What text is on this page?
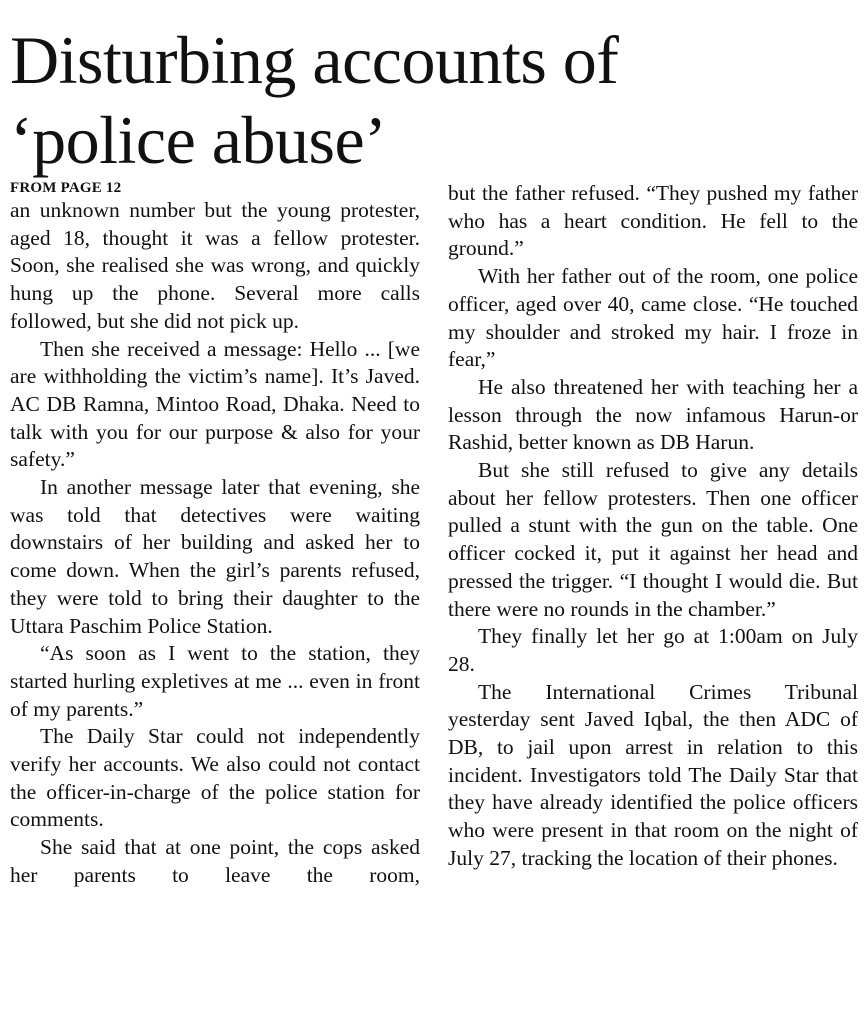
Disturbing accounts of
‘police abuse’
FROM PAGE 12

an unknown number but the young protester, aged 18, thought it was a fellow protester. Soon, she realised she was wrong, and quickly hung up the phone. Several more calls followed, but she did not pick up.

Then she received a message: Hello ... [we are withholding the victim’s name]. It’s Javed. AC DB Ramna, Mintoo Road, Dhaka. Need to talk with you for our purpose & also for your safety.”

In another message later that evening, she was told that detectives were waiting downstairs of her building and asked her to come down. When the girl’s parents refused, they were told to bring their daughter to the Uttara Paschim Police Station.

“As soon as I went to the station, they started hurling expletives at me ... even in front of my parents.”

The Daily Star could not independently verify her accounts. We also could not contact the officer-in-charge of the police station for comments.

She said that at one point, the cops asked her parents to leave the room,

but the father refused. “They pushed my father who has a heart condition. He fell to the ground.”

With her father out of the room, one police officer, aged over 40, came close. “He touched my shoulder and stroked my hair. I froze in fear,”

He also threatened her with teaching her a lesson through the now infamous Harun-or Rashid, better known as DB Harun.

But she still refused to give any details about her fellow protesters. Then one officer pulled a stunt with the gun on the table. One officer cocked it, put it against her head and pressed the trigger. “I thought I would die. But there were no rounds in the chamber.”

They finally let her go at 1:00am on July 28.

The International Crimes Tribunal yesterday sent Javed Iqbal, the then ADC of DB, to jail upon arrest in relation to this incident. Investigators told The Daily Star that they have already identified the police officers who were present in that room on the night of July 27, tracking the location of their phones.
